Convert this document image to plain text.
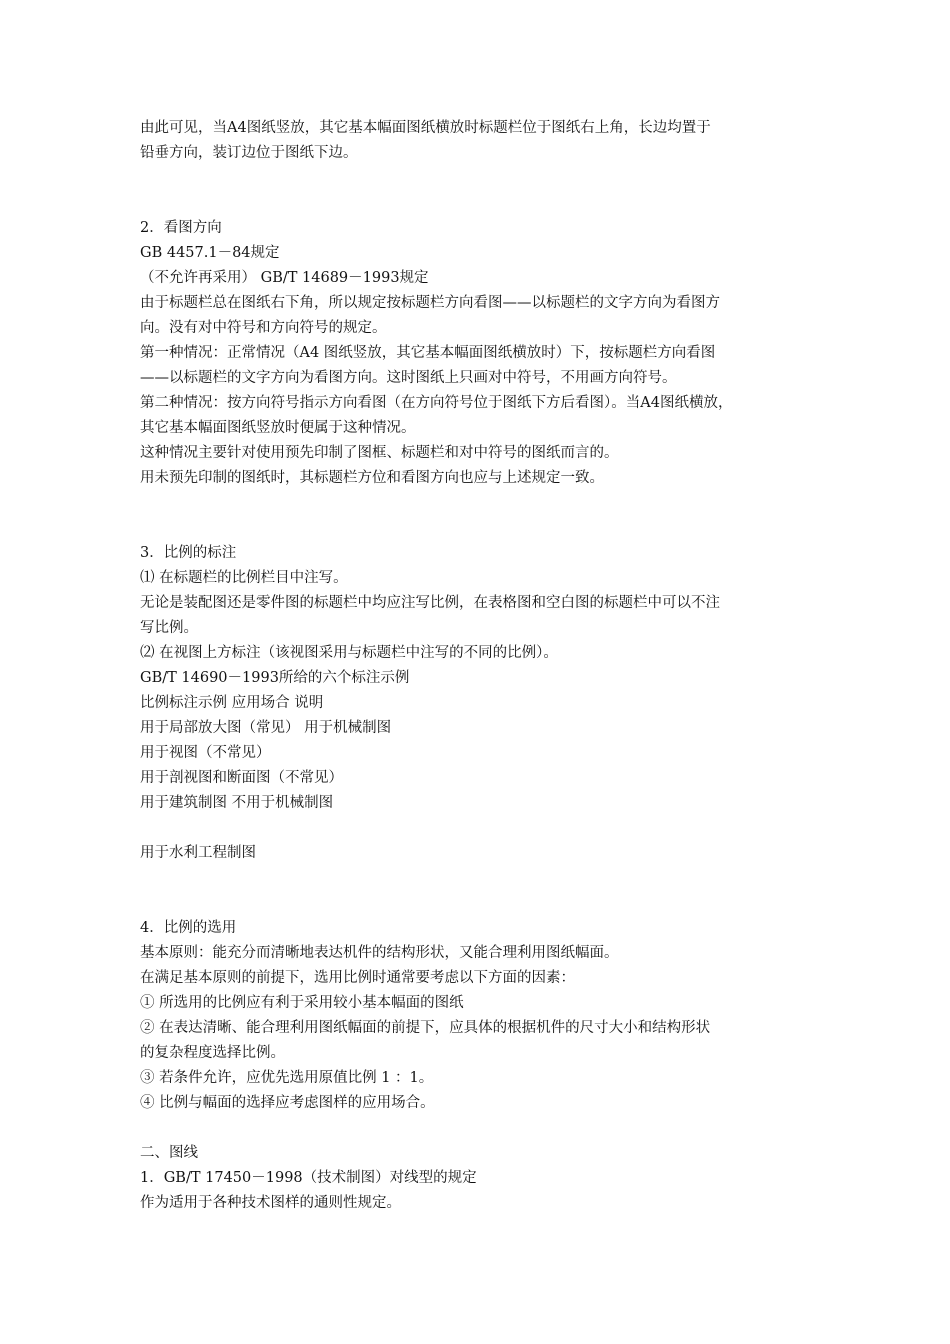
由此可见，当A4图纸竖放，其它基本幅面图纸横放时标题栏位于图纸右上角，长边均置于

铅垂方向，装订边位于图纸下边。

2．看图方向

GB 4457.1－84规定

（不允许再采用） GB/T 14689－1993规定

由于标题栏总在图纸右下角，所以规定按标题栏方向看图——以标题栏的文字方向为看图方

向。没有对中符号和方向符号的规定。

第一种情况：正常情况（A4 图纸竖放，其它基本幅面图纸横放时）下，按标题栏方向看图

——以标题栏的文字方向为看图方向。这时图纸上只画对中符号，不用画方向符号。

第二种情况：按方向符号指示方向看图（在方向符号位于图纸下方后看图）。当A4图纸横放，

其它基本幅面图纸竖放时便属于这种情况。

这种情况主要针对使用预先印制了图框、标题栏和对中符号的图纸而言的。

用未预先印制的图纸时，其标题栏方位和看图方向也应与上述规定一致。

3．比例的标注

⑴ 在标题栏的比例栏目中注写。

无论是装配图还是零件图的标题栏中均应注写比例，在表格图和空白图的标题栏中可以不注

写比例。

⑵ 在视图上方标注（该视图采用与标题栏中注写的不同的比例）。

GB/T 14690－1993所给的六个标注示例

比例标注示例 应用场合 说明

用于局部放大图（常见） 用于机械制图

用于视图（不常见）

用于剖视图和断面图（不常见）

用于建筑制图 不用于机械制图

用于水利工程制图

4．比例的选用

基本原则：能充分而清晰地表达机件的结构形状，又能合理利用图纸幅面。

在满足基本原则的前提下，选用比例时通常要考虑以下方面的因素：

① 所选用的比例应有利于采用较小基本幅面的图纸

② 在表达清晰、能合理利用图纸幅面的前提下，应具体的根据机件的尺寸大小和结构形状

的复杂程度选择比例。

③ 若条件允许，应优先选用原值比例 1 ：1。

④ 比例与幅面的选择应考虑图样的应用场合。

二、图线

1．GB/T 17450－1998（技术制图）对线型的规定

作为适用于各种技术图样的通则性规定。
